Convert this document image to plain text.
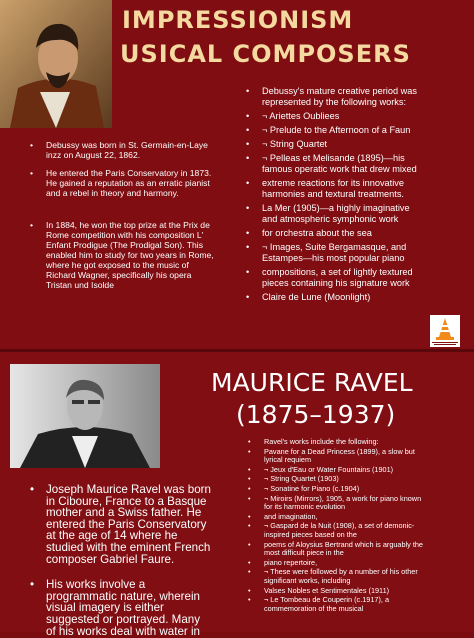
IMPRESSIONISM
USICAL COMPOSERS
• Debussy was born in St. Germain-en-Laye
inzz on August 22, 1862.
• He entered the Paris Conservatory in 1873.
He gained a reputation as an erratic pianist
and a rebel in theory and harmony.
• In 1884, he won the top prize at the Prix de
Rome competition with his composition L'
Enfant Prodigue (The Prodigal Son). This
enabled him to study for two years in Rome,
where he got exposed to the music of
Richard Wagner, specifically his opera
Tristan und Isolde
• Debussy's mature creative period was
represented by the following works:
• ¬ Ariettes Oubliees
• ¬ Prelude to the Afternoon of a Faun
• ¬ String Quartet
• ¬ Pelleas et Melisande (1895)—his
famous operatic work that drew mixed
• extreme reactions for its innovative
harmonies and textural treatments.
• La Mer (1905)—a highly imaginative
and atmospheric symphonic work
• for orchestra about the sea
• ¬ Images, Suite Bergamasque, and
Estampes—his most popular piano
• compositions, a set of lightly textured
pieces containing his signature work
• Claire de Lune (Moonlight)
MAURICE RAVEL
(1875–1937)
• Ravel's works include the following:
• Pavane for a Dead Princess (1899), a slow but
lyrical requiem
• ¬ Jeux d'Eau or Water Fountains (1901)
• ¬ String Quartet (1903)
• ¬ Sonatine for Piano (c.1904)
• ¬ Miroirs (Mirrors), 1905, a work for piano known
for its harmonic evolution
• and imagination,
• ¬ Gaspard de la Nuit (1908), a set of demonic-
inspired pieces based on the
• poems of Aloysius Bertrand which is arguably the
most difficult piece in the
• piano repertoire,
• ¬ These were followed by a number of his other
significant works, including
• Valses Nobles et Sentimentales (1911)
• ¬ Le Tombeau de Couperin (c.1917), a
commemoration of the musical
• Joseph Maurice Ravel was born
in Ciboure, France to a Basque
mother and a Swiss father. He
entered the Paris Conservatory
at the age of 14 where he
studied with the eminent French
composer Gabriel Faure.
• His works involve a
programmatic nature, wherein
visual imagery is either
suggested or portrayed. Many
of his works deal with water in
